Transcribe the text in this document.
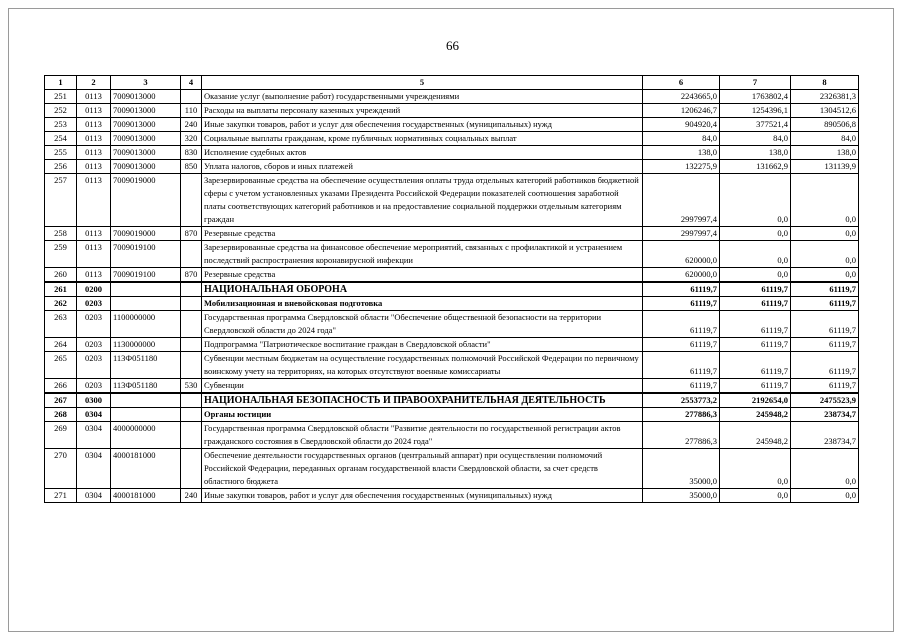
66
1	2	3	4	5	6	7	8
251	0113	7009013000		Оказание услуг (выполнение работ) государственными учреждениями	2243665,0	1763802,4	2326381,3
252	0113	7009013000	110	Расходы на выплаты персоналу казенных учреждений	1206246,7	1254396,1	1304512,6
253	0113	7009013000	240	Иные закупки товаров, работ и услуг для обеспечения государственных (муниципальных) нужд	904920,4	377521,4	890506,8
254	0113	7009013000	320	Социальные выплаты гражданам, кроме публичных нормативных социальных выплат	84,0	84,0	84,0
255	0113	7009013000	830	Исполнение судебных актов	138,0	138,0	138,0
256	0113	7009013000	850	Уплата налогов, сборов и иных платежей	132275,9	131662,9	131139,9
257	0113	7009019000		Зарезервированные средства на обеспечение осуществления оплаты труда отдельных категорий работников бюджетной сферы с учетом установленных указами Президента Российской Федерации показателей соотношения заработной платы соответствующих категорий работников и на предоставление социальной поддержки отдельным категориям граждан	2997997,4	0,0	0,0
258	0113	7009019000	870	Резервные средства	2997997,4	0,0	0,0
259	0113	7009019100		Зарезервированные средства на финансовое обеспечение мероприятий, связанных с профилактикой и устранением последствий распространения коронавирусной инфекции	620000,0	0,0	0,0
260	0113	7009019100	870	Резервные средства	620000,0	0,0	0,0
261	0200			НАЦИОНАЛЬНАЯ ОБОРОНА	61119,7	61119,7	61119,7
262	0203			Мобилизационная и вневойсковая подготовка	61119,7	61119,7	61119,7
263	0203	1100000000		Государственная программа Свердловской области "Обеспечение общественной безопасности на территории Свердловской области до 2024 года"	61119,7	61119,7	61119,7
264	0203	1130000000		Подпрограмма "Патриотическое воспитание граждан в Свердловской области"	61119,7	61119,7	61119,7
265	0203	113Ф051180		Субвенции местным бюджетам на осуществление государственных полномочий Российской Федерации по первичному воинскому учету на территориях, на которых отсутствуют военные комиссариаты	61119,7	61119,7	61119,7
266	0203	113Ф051180	530	Субвенции	61119,7	61119,7	61119,7
267	0300			НАЦИОНАЛЬНАЯ БЕЗОПАСНОСТЬ И ПРАВООХРАНИТЕЛЬНАЯ ДЕЯТЕЛЬНОСТЬ	2553773,2	2192654,0	2475523,9
268	0304			Органы юстиции	277886,3	245948,2	238734,7
269	0304	4000000000		Государственная программа Свердловской области "Развитие деятельности по государственной регистрации актов гражданского состояния в Свердловской области до 2024 года"	277886,3	245948,2	238734,7
270	0304	4000181000		Обеспечение деятельности государственных органов (центральный аппарат) при осуществлении полномочий Российской Федерации, переданных органам государственной власти Свердловской области, за счет средств областного бюджета	35000,0	0,0	0,0
271	0304	4000181000	240	Иные закупки товаров, работ и услуг для обеспечения государственных (муниципальных) нужд	35000,0	0,0	0,0
